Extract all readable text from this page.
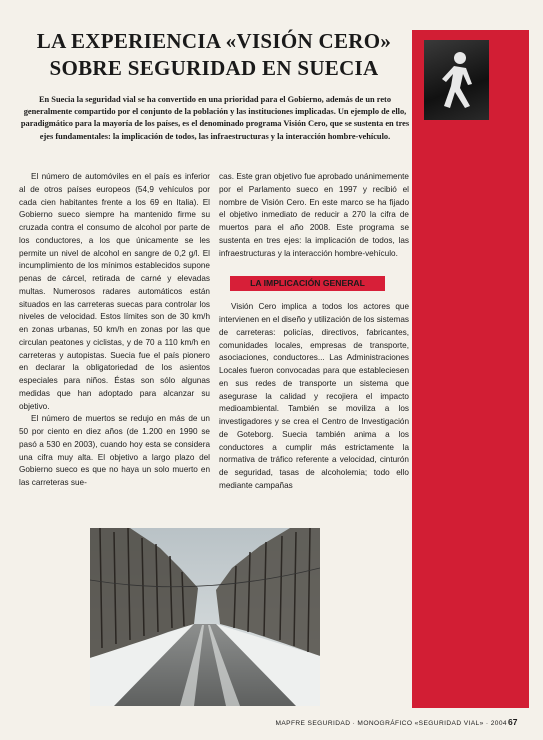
LA EXPERIENCIA «VISIÓN CERO»
SOBRE SEGURIDAD EN SUECIA
En Suecia la seguridad vial se ha convertido en una prioridad para el Gobierno, además de un reto generalmente compartido por el conjunto de la población y las instituciones implicadas. Un ejemplo de ello, paradigmático para la mayoría de los países, es el denominado programa Visión Cero, que se sustenta en tres ejes fundamentales: la implicación de todos, las infraestructuras y la interacción hombre-vehículo.

El número de automóviles en el país es inferior al de otros países europeos (54,9 vehículos por cada cien habitantes frente a los 69 en Italia). El Gobierno sueco siempre ha mantenido firme su cruzada contra el consumo de alcohol por parte de los conductores, a los que únicamente se les permite un nivel de alcohol en sangre de 0,2 g/l. El incumplimiento de los mínimos establecidos supone penas de cárcel, retirada de carné y elevadas multas. Numerosos radares automáticos están situados en las carreteras suecas para controlar los niveles de velocidad. Estos límites son de 30 km/h en zonas urbanas, 50 km/h en zonas por las que circulan peatones y ciclistas, y de 70 a 110 km/h en carreteras y autopistas. Suecia fue el país pionero en declarar la obligatoriedad de los asientos especiales para niños. Éstas son sólo algunas medidas que han adoptado para alcanzar su objetivo.

El número de muertos se redujo en más de un 50 por ciento en diez años (de 1.200 en 1990 se pasó a 530 en 2003), cuando hoy esta se considera una cifra muy alta. El objetivo a largo plazo del Gobierno sueco es que no haya un solo muerto en las carreteras sue-

cas. Este gran objetivo fue aprobado unánimemente por el Parlamento sueco en 1997 y recibió el nombre de Visión Cero. En este marco se ha fijado el objetivo inmediato de reducir a 270 la cifra de muertos para el año 2008. Este programa se sustenta en tres ejes: la implicación de todos, las infraestructuras y la interacción hombre-vehículo.

LA IMPLICACIÓN GENERAL

Visión Cero implica a todos los actores que intervienen en el diseño y utilización de los sistemas de carreteras: policías, directivos, fabricantes, comunidades locales, empresas de transporte, asociaciones, conductores... Las Administraciones Locales fueron convocadas para que estableciesen en sus redes de transporte un sistema que asegurase la calidad y recojiera el impacto medioambiental. También se moviliza a los investigadores y se crea el Centro de Investigación de Goteborg. Suecia también anima a los conductores a cumplir más estrictamente la normativa de tráfico referente a velocidad, cinturón de seguridad, tasas de alcoholemia; todo ello mediante campañas

MAPFRE SEGURIDAD · MONOGRÁFICO «SEGURIDAD VIAL» · 2004 67
